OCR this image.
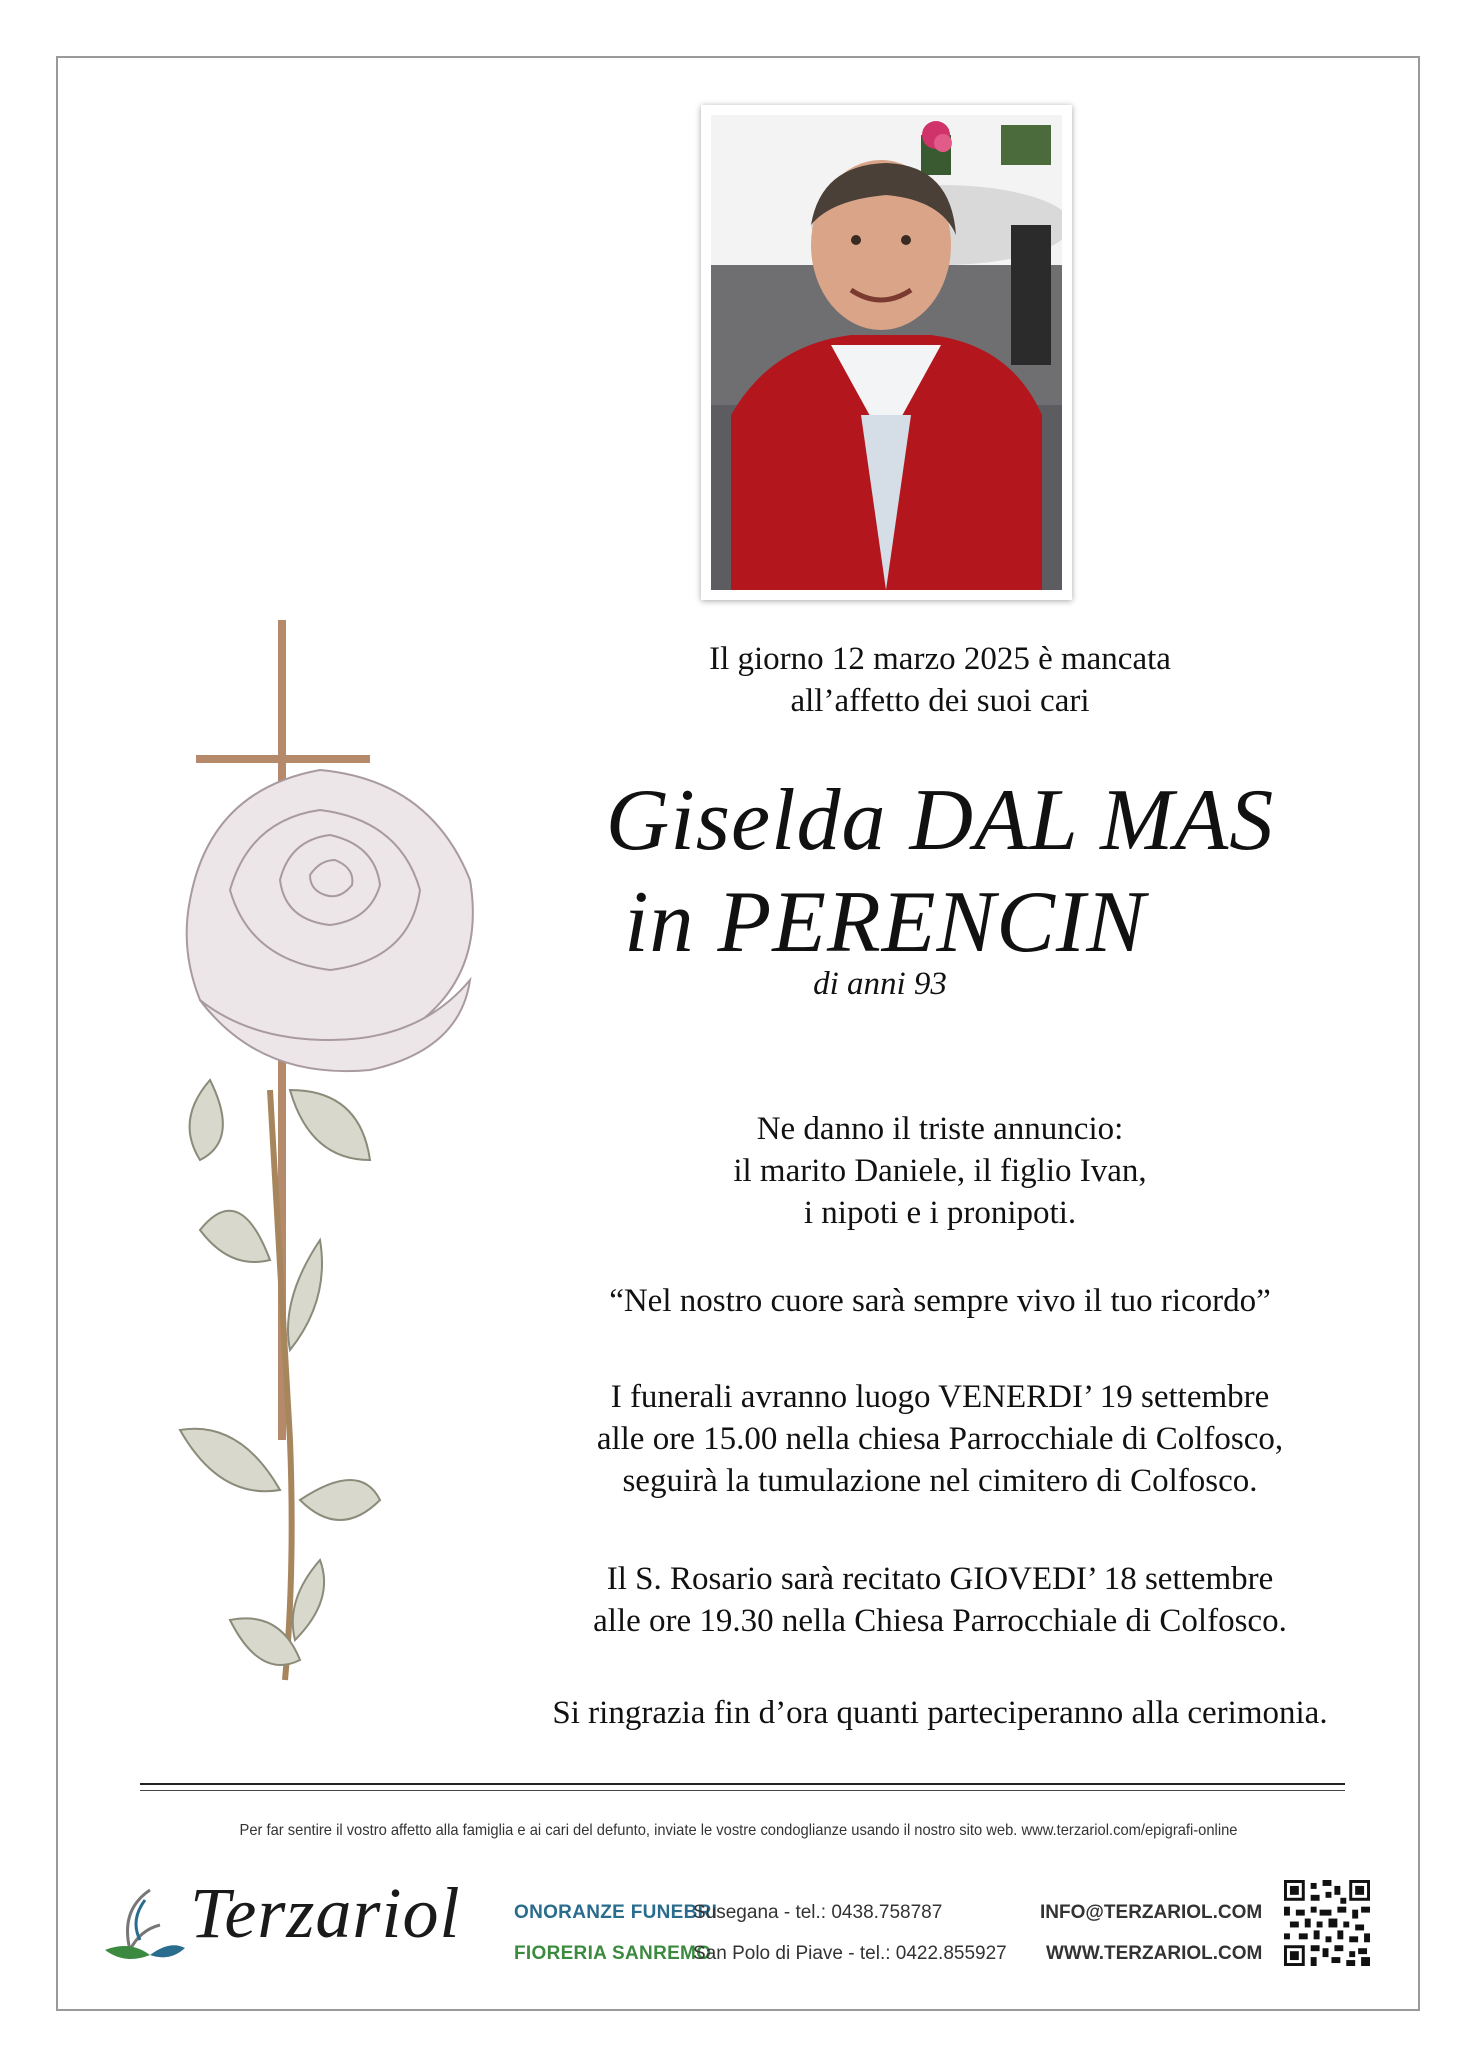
Il giorno 12 marzo 2025 è mancata
all’affetto dei suoi cari
Giselda DAL MAS
in PERENCIN
di anni 93
Ne danno il triste annuncio:
il marito Daniele, il figlio Ivan,
i nipoti e i pronipoti.
“Nel nostro cuore sarà sempre vivo il tuo ricordo”
I funerali avranno luogo VENERDI’ 19 settembre
alle ore 15.00 nella chiesa Parrocchiale di Colfosco,
seguirà la tumulazione nel cimitero di Colfosco.
Il S. Rosario sarà recitato GIOVEDI’ 18 settembre
alle ore 19.30 nella Chiesa Parrocchiale di Colfosco.
Si ringrazia fin d’ora quanti parteciperanno alla cerimonia.
Per far sentire il vostro affetto alla famiglia e ai cari del defunto, inviate le vostre condoglianze usando il nostro sito web. www.terzariol.com/epigrafi-online
Terzariol	ONORANZE FUNEBRI
FIORERIA SANREMO
Susegana - tel.: 0438.758787
San Polo di Piave - tel.: 0422.855927
INFO@TERZARIOL.COM
WWW.TERZARIOL.COM
